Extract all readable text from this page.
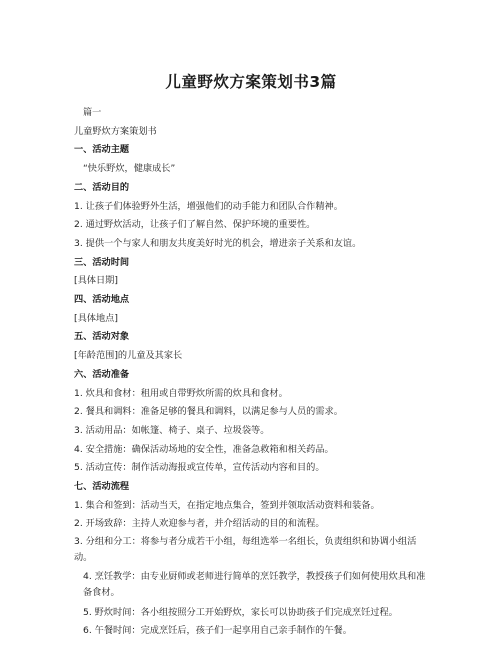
儿童野炊方案策划书3篇

篇一

儿童野炊方案策划书

一、活动主题

“快乐野炊，健康成长”

二、活动目的

1. 让孩子们体验野外生活，增强他们的动手能力和团队合作精神。

2. 通过野炊活动，让孩子们了解自然、保护环境的重要性。

3. 提供一个与家人和朋友共度美好时光的机会，增进亲子关系和友谊。

三、活动时间

[具体日期]

四、活动地点

[具体地点]

五、活动对象

[年龄范围]的儿童及其家长

六、活动准备

1. 炊具和食材：租用或自带野炊所需的炊具和食材。

2. 餐具和调料：准备足够的餐具和调料，以满足参与人员的需求。

3. 活动用品：如帐篷、椅子、桌子、垃圾袋等。

4. 安全措施：确保活动场地的安全性，准备急救箱和相关药品。

5. 活动宣传：制作活动海报或宣传单，宣传活动内容和目的。

七、活动流程

1. 集合和签到：活动当天，在指定地点集合，签到并领取活动资料和装备。

2. 开场致辞：主持人欢迎参与者，并介绍活动的目的和流程。

3. 分组和分工：将参与者分成若干小组，每组选举一名组长，负责组织和协调小组活动。

4. 烹饪教学：由专业厨师或老师进行简单的烹饪教学，教授孩子们如何使用炊具和准备食材。

5. 野炊时间：各小组按照分工开始野炊，家长可以协助孩子们完成烹饪过程。

6. 午餐时间：完成烹饪后，孩子们一起享用自己亲手制作的午餐。
